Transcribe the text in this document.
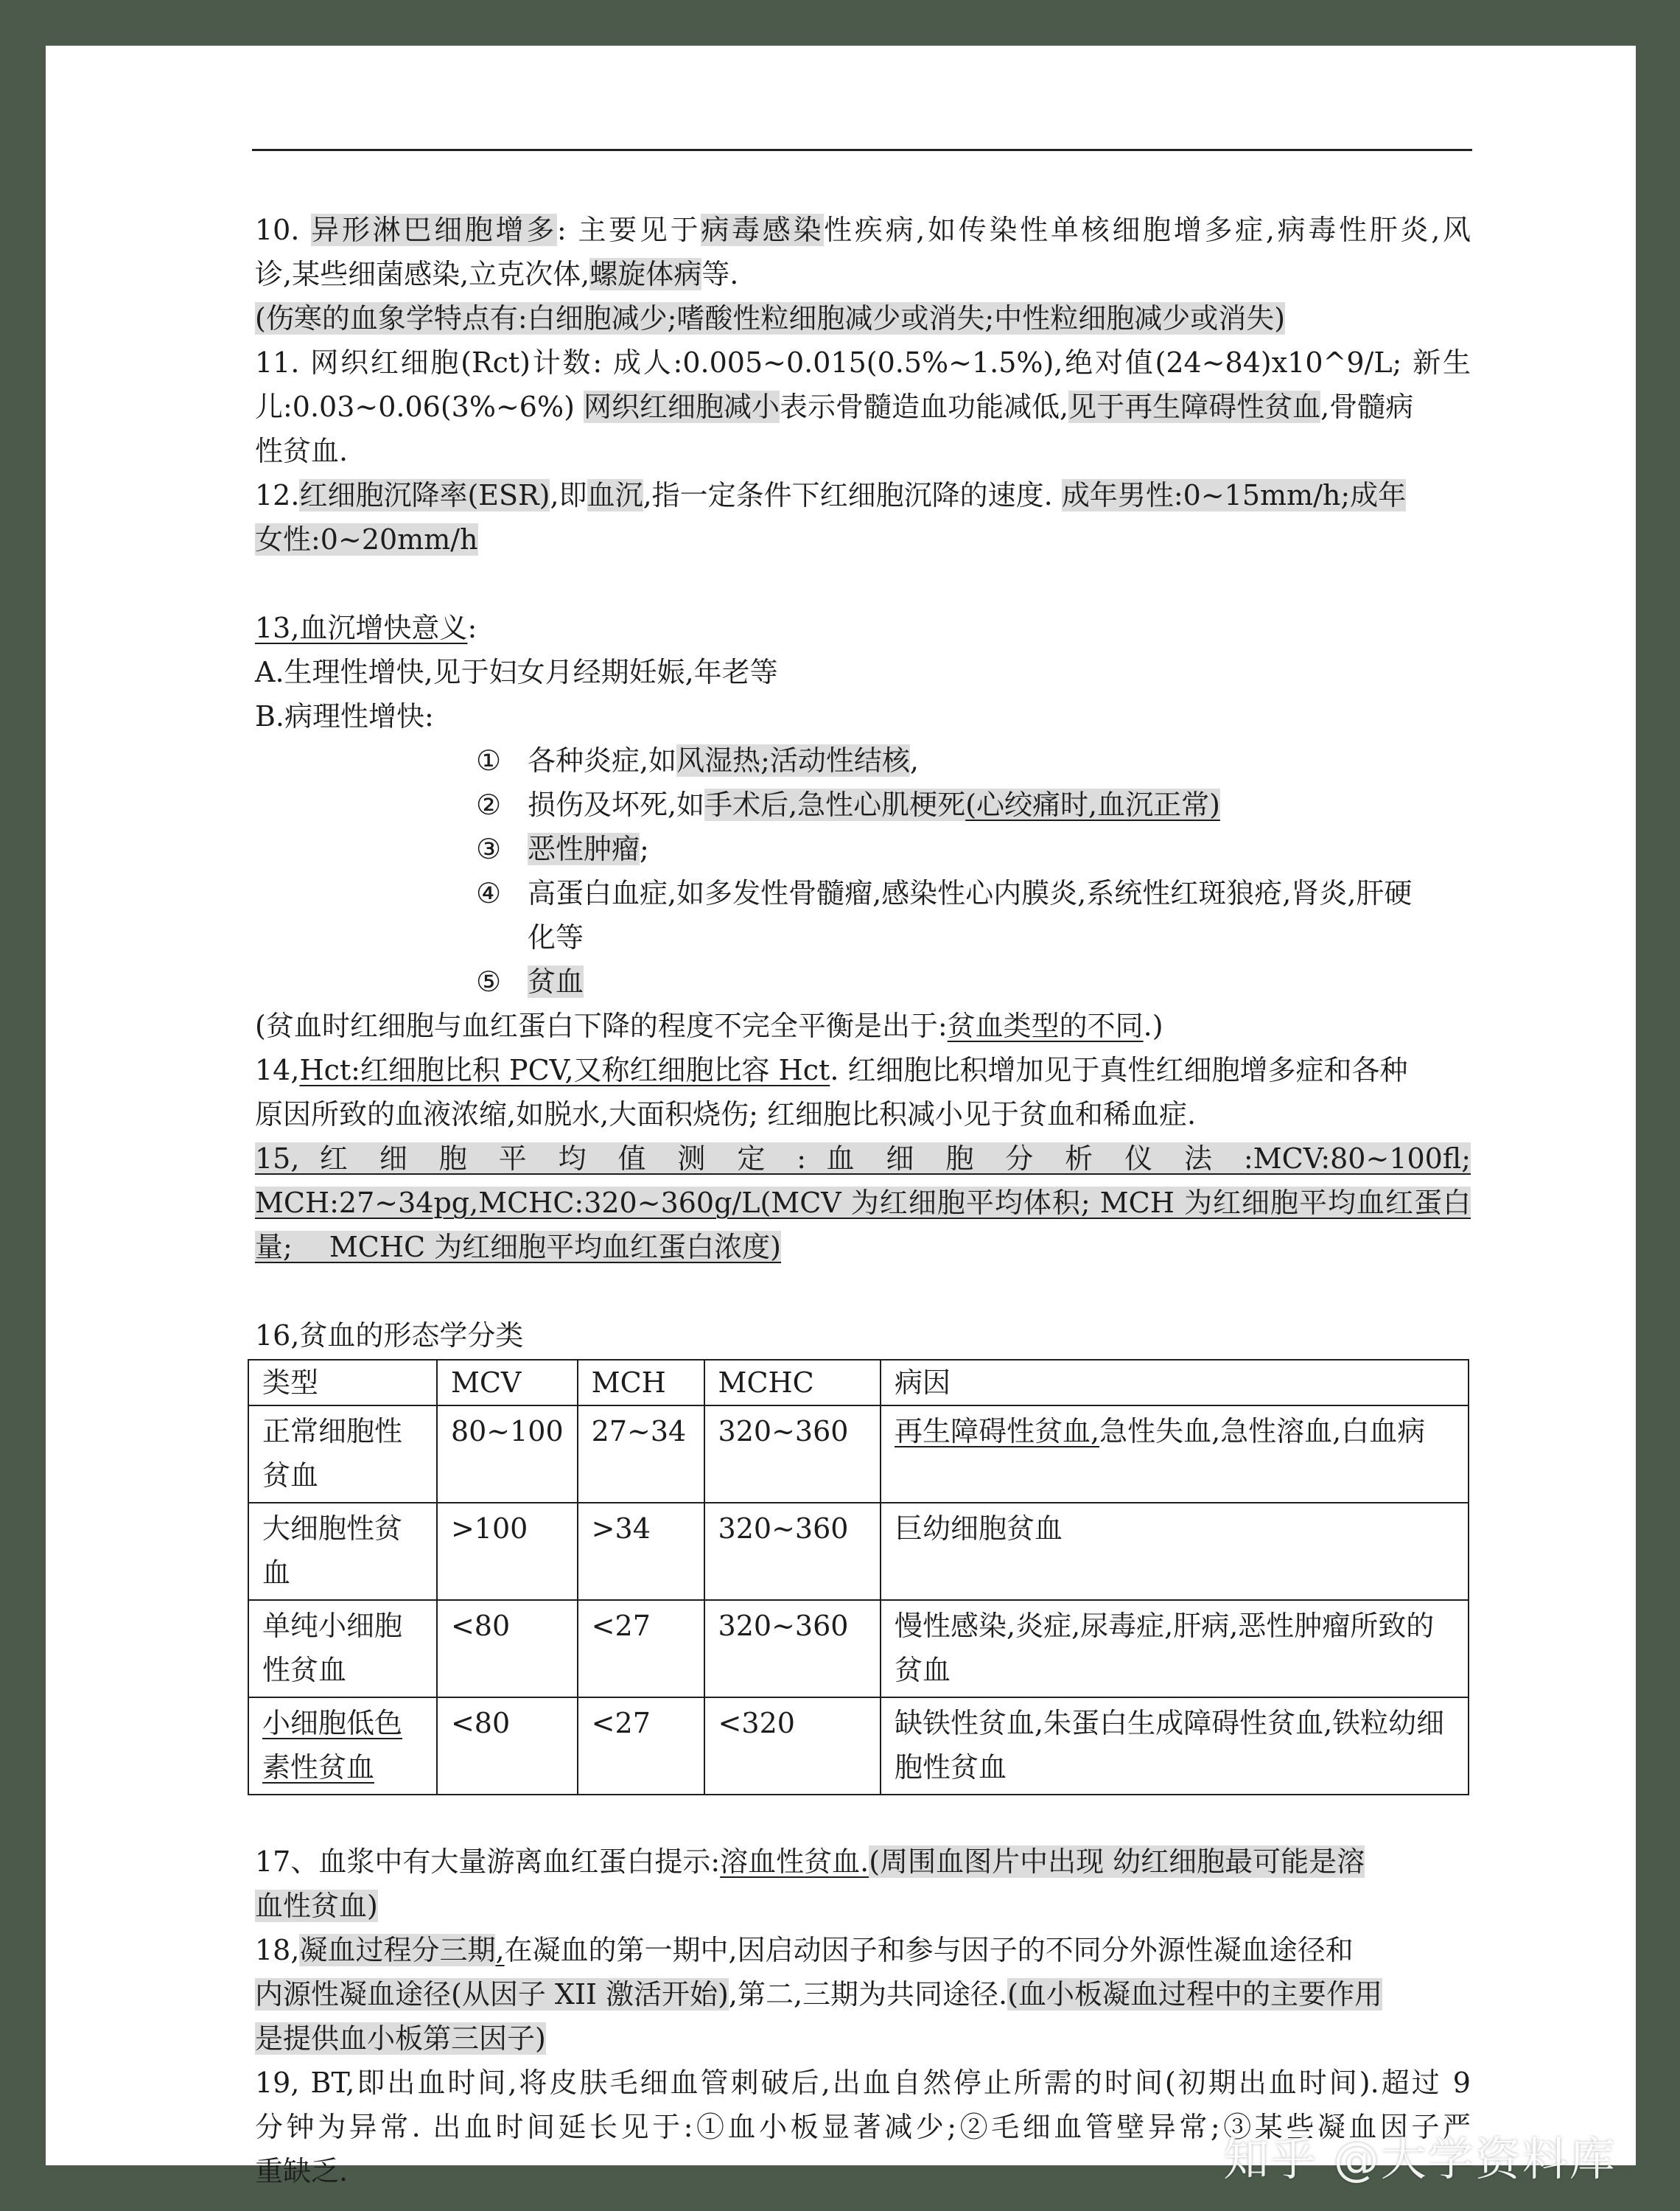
10. 异形淋巴细胞增多: 主要见于病毒感染性疾病,如传染性单核细胞增多症,病毒性肝炎,风
诊,某些细菌感染,立克次体,螺旋体病等.
(伤寒的血象学特点有:白细胞减少;嗜酸性粒细胞减少或消失;中性粒细胞减少或消失)
11. 网织红细胞(Rct)计数: 成人:0.005~0.015(0.5%~1.5%),绝对值(24~84)x10^9/L; 新生
儿:0.03~0.06(3%~6%) 网织红细胞减小表示骨髓造血功能减低,见于再生障碍性贫血,骨髓病
性贫血.
12.红细胞沉降率(ESR),即血沉,指一定条件下红细胞沉降的速度. 成年男性:0~15mm/h;成年
女性:0~20mm/h
13,血沉增快意义:
A.生理性增快,见于妇女月经期妊娠,年老等
B.病理性增快:
① 各种炎症,如风湿热;活动性结核,
② 损伤及坏死,如手术后,急性心肌梗死(心绞痛时,血沉正常)
③ 恶性肿瘤;
④ 高蛋白血症,如多发性骨髓瘤,感染性心内膜炎,系统性红斑狼疮,肾炎,肝硬
化等
⑤ 贫血
(贫血时红细胞与血红蛋白下降的程度不完全平衡是出于:贫血类型的不同.)
14,Hct:红细胞比积 PCV,又称红细胞比容 Hct. 红细胞比积增加见于真性红细胞增多症和各种
原因所致的血液浓缩,如脱水,大面积烧伤; 红细胞比积减小见于贫血和稀血症.
15, 红 细 胞 平 均 值 测 定 : 血 细 胞 分 析 仪 法 :MCV:80~100fl;
MCH:27~34pg,MCHC:320~360g/L(MCV 为红细胞平均体积; MCH 为红细胞平均血红蛋白
量;　 MCHC 为红细胞平均血红蛋白浓度)
16,贫血的形态学分类
类型	MCV	MCH	MCHC	病因
正常细胞性贫血	80~100	27~34	320~360	再生障碍性贫血,急性失血,急性溶血,白血病
大细胞性贫血	>100	>34	320~360	巨幼细胞贫血
单纯小细胞性贫血	<80	<27	320~360	慢性感染,炎症,尿毒症,肝病,恶性肿瘤所致的贫血
小细胞低色素性贫血	<80	<27	<320	缺铁性贫血,朱蛋白生成障碍性贫血,铁粒幼细胞性贫血
17、血浆中有大量游离血红蛋白提示:溶血性贫血.(周围血图片中出现 幼红细胞最可能是溶
血性贫血)
18,凝血过程分三期,在凝血的第一期中,因启动因子和参与因子的不同分外源性凝血途径和
内源性凝血途径(从因子 XII 激活开始),第二,三期为共同途径.(血小板凝血过程中的主要作用
是提供血小板第三因子)
19, BT,即出血时间,将皮肤毛细血管刺破后,出血自然停止所需的时间(初期出血时间).超过 9
分钟为异常. 出血时间延长见于:①血小板显著减少;②毛细血管壁异常;③某些凝血因子严
重缺乏.	知乎 @大学资料库
